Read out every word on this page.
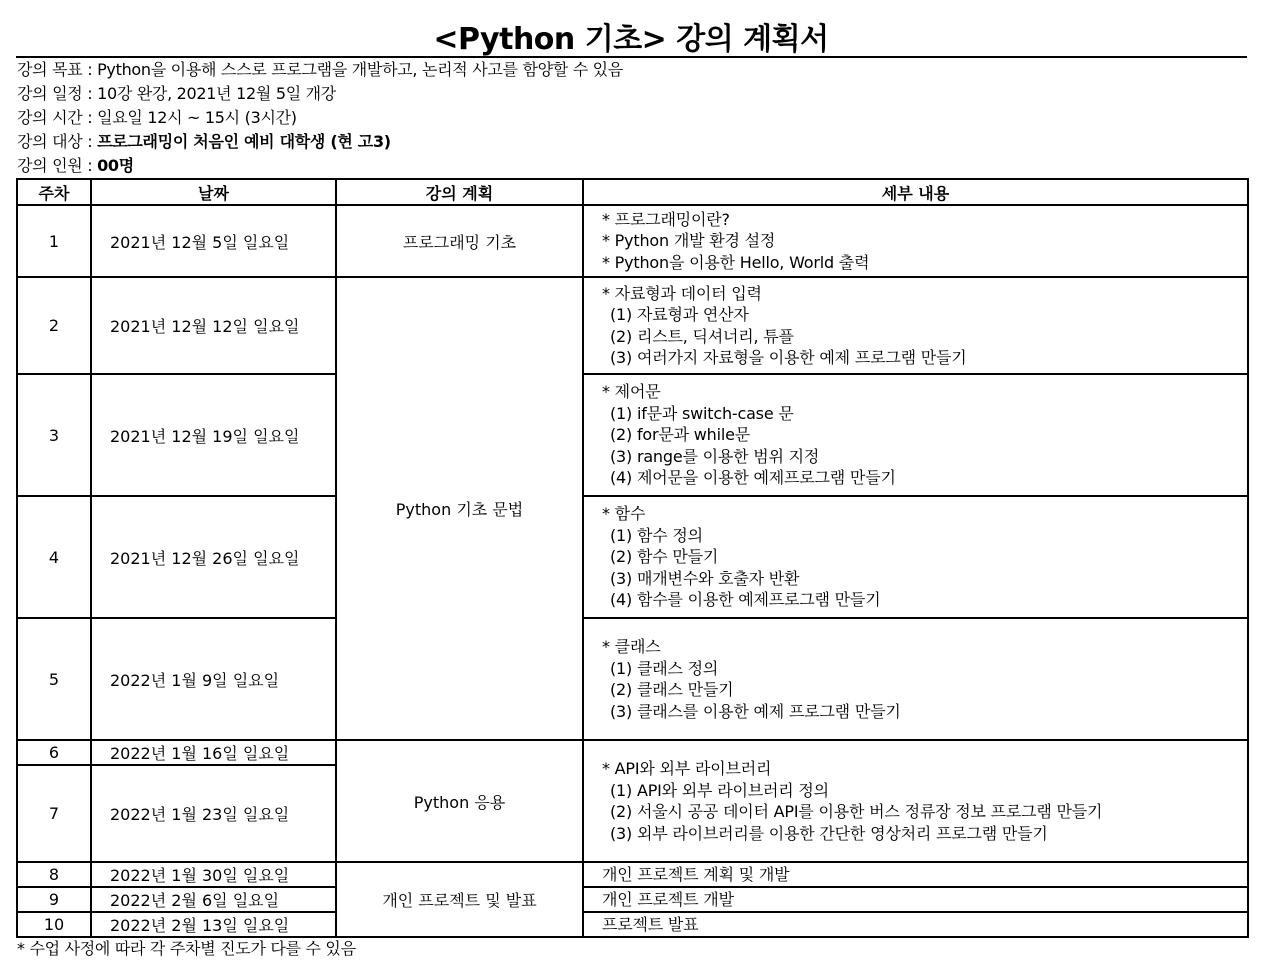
<Python 기초> 강의 계획서
강의 목표 : Python을 이용해 스스로 프로그램을 개발하고, 논리적 사고를 함양할 수 있음
강의 일정 : 10강 완강, 2021년 12월 5일 개강
강의 시간 : 일요일 12시 ~ 15시 (3시간)
강의 대상 : 프로그래밍이 처음인 예비 대학생 (현 고3)
강의 인원 : 00명
주차	날짜	강의 계획	세부 내용
1	2021년 12월 5일 일요일	프로그래밍 기초	* 프로그래밍이란?
* Python 개발 환경 설정
* Python을 이용한 Hello, World 출력

2	2021년 12월 12일 일요일	Python 기초 문법	* 자료형과 데이터 입력
(1) 자료형과 연산자
(2) 리스트, 딕셔너리, 튜플
(3) 여러가지 자료형을 이용한 예제 프로그램 만들기

3	2021년 12월 19일 일요일		* 제어문
(1) if문과 switch-case 문
(2) for문과 while문
(3) range를 이용한 범위 지정
(4) 제어문을 이용한 예제프로그램 만들기

4	2021년 12월 26일 일요일		* 함수
(1) 함수 정의
(2) 함수 만들기
(3) 매개변수와 호출자 반환
(4) 함수를 이용한 예제프로그램 만들기

5	2022년 1월 9일 일요일		* 클래스
(1) 클래스 정의
(2) 클래스 만들기
(3) 클래스를 이용한 예제 프로그램 만들기

6	2022년 1월 16일 일요일	Python 응용	* API와 외부 라이브러리
(1) API와 외부 라이브러리 정의
(2) 서울시 공공 데이터 API를 이용한 버스 정류장 정보 프로그램 만들기
(3) 외부 라이브러리를 이용한 간단한 영상처리 프로그램 만들기

7	2022년 1월 23일 일요일		
8	2022년 1월 30일 일요일	개인 프로젝트 및 발표	개인 프로젝트 계획 및 개발
9	2022년 2월 6일 일요일		개인 프로젝트 개발
10	2022년 2월 13일 일요일		프로젝트 발표
* 수업 사정에 따라 각 주차별 진도가 다를 수 있음
